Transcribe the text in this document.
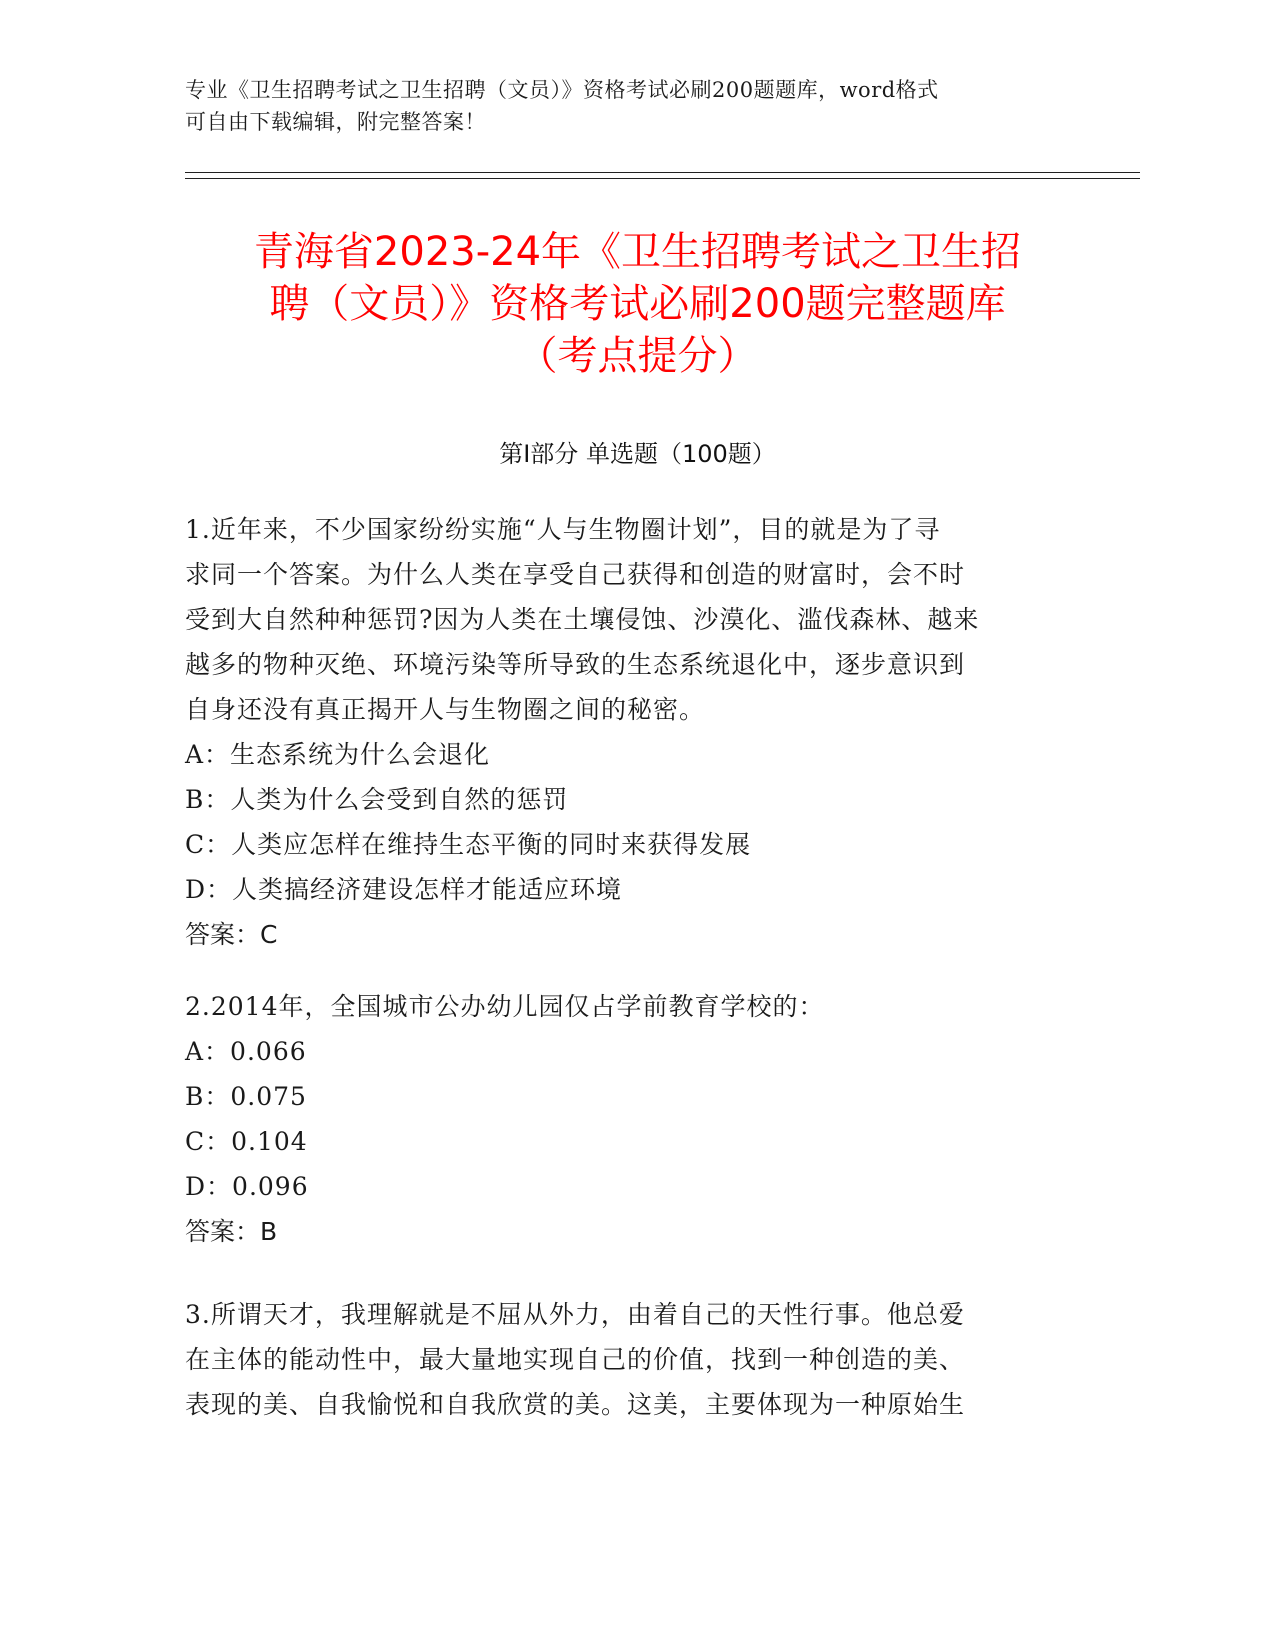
专业《卫生招聘考试之卫生招聘（文员）》资格考试必刷200题题库，word格式
可自由下载编辑，附完整答案！
青海省2023-24年《卫生招聘考试之卫生招
聘（文员）》资格考试必刷200题完整题库
（考点提分）
第I部分 单选题（100题）

1.近年来，不少国家纷纷实施“人与生物圈计划”，目的就是为了寻

求同一个答案。为什么人类在享受自己获得和创造的财富时，会不时

受到大自然种种惩罚?因为人类在土壤侵蚀、沙漠化、滥伐森林、越来

越多的物种灭绝、环境污染等所导致的生态系统退化中，逐步意识到

自身还没有真正揭开人与生物圈之间的秘密。

A：生态系统为什么会退化

B：人类为什么会受到自然的惩罚

C：人类应怎样在维持生态平衡的同时来获得发展

D：人类搞经济建设怎样才能适应环境

答案：C

2.2014年，全国城市公办幼儿园仅占学前教育学校的：

A：0.066

B：0.075

C：0.104

D：0.096

答案：B

3.所谓天才，我理解就是不屈从外力，由着自己的天性行事。他总爱

在主体的能动性中，最大量地实现自己的价值，找到一种创造的美、

表现的美、自我愉悦和自我欣赏的美。这美，主要体现为一种原始生
